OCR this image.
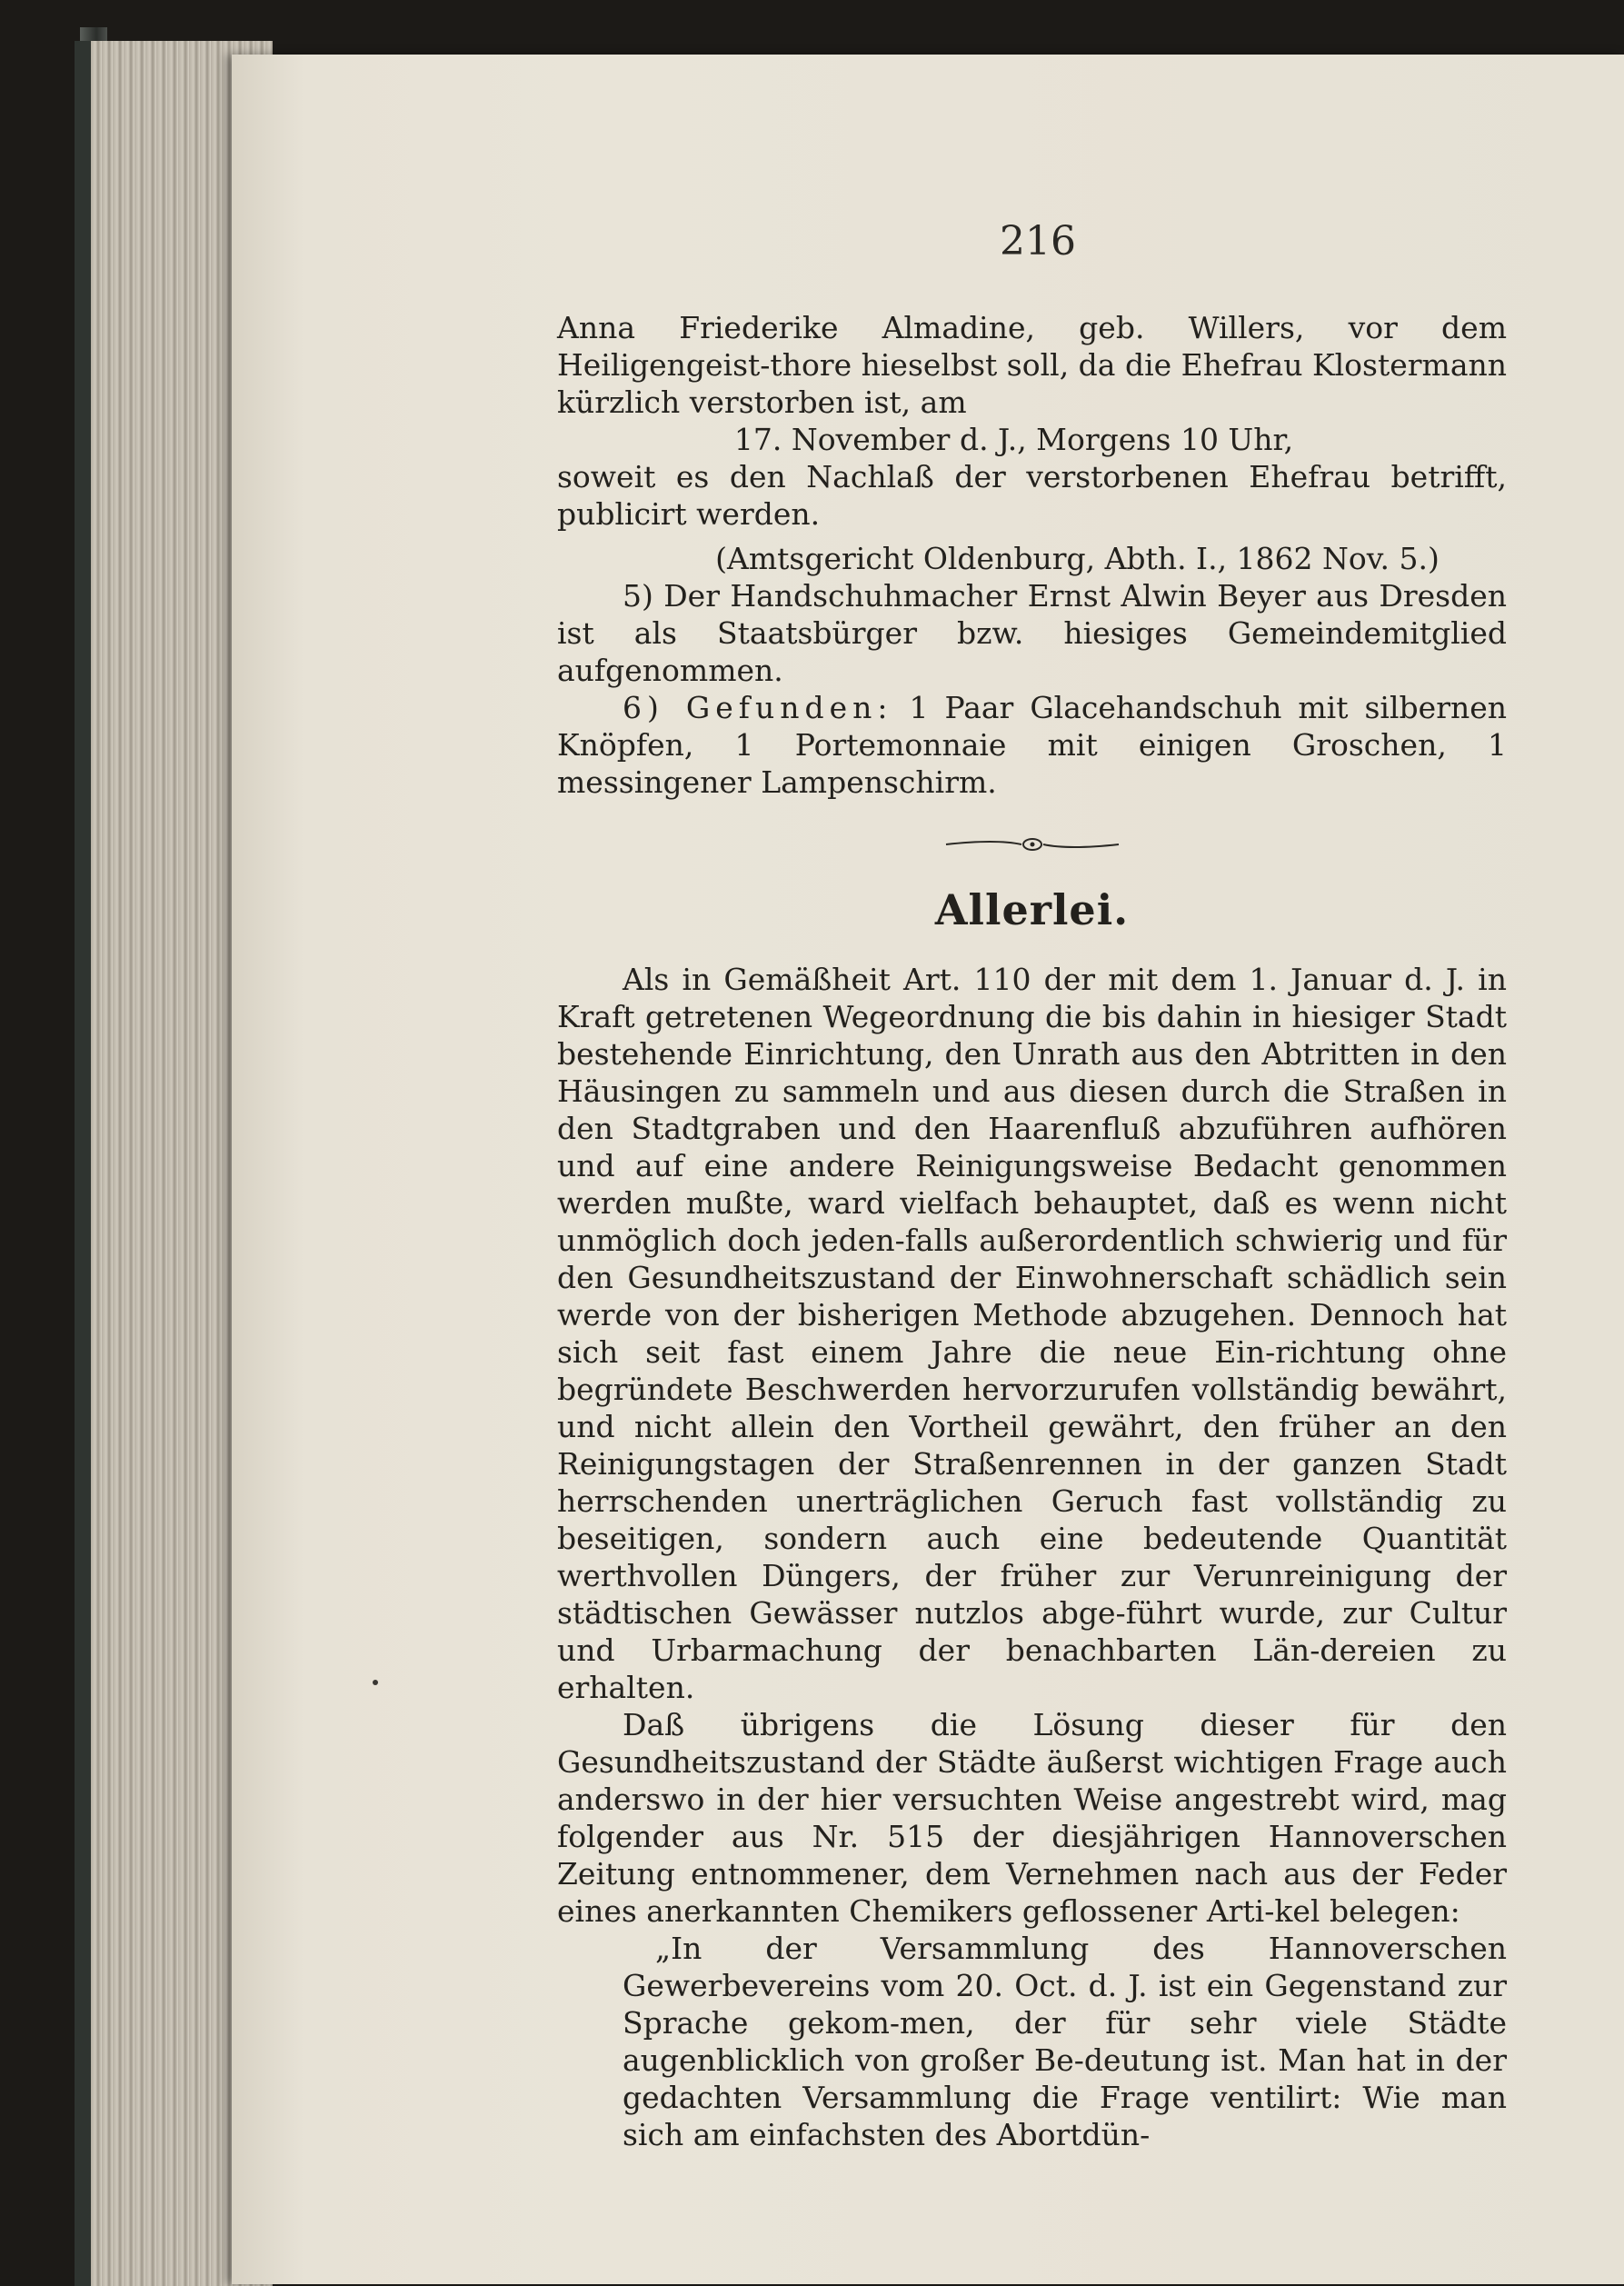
216

Anna Friederike Almadine, geb. Willers, vor dem Heiligengeist-thore hieselbst soll, da die Ehefrau Klostermann kürzlich verstorben ist, am

17. November d. J., Morgens 10 Uhr,

soweit es den Nachlaß der verstorbenen Ehefrau betrifft, publicirt werden.

(Amtsgericht Oldenburg, Abth. I., 1862 Nov. 5.)

5) Der Handschuhmacher Ernst Alwin Beyer aus Dresden ist als Staatsbürger bzw. hiesiges Gemeindemitglied aufgenommen.

6) Gefunden: 1 Paar Glacehandschuh mit silbernen Knöpfen, 1 Portemonnaie mit einigen Groschen, 1 messingener Lampenschirm.

Allerlei.

Als in Gemäßheit Art. 110 der mit dem 1. Januar d. J. in Kraft getretenen Wegeordnung die bis dahin in hiesiger Stadt bestehende Einrichtung, den Unrath aus den Abtritten in den Häusingen zu sammeln und aus diesen durch die Straßen in den Stadtgraben und den Haarenfluß abzuführen aufhören und auf eine andere Reinigungsweise Bedacht genommen werden mußte, ward vielfach behauptet, daß es wenn nicht unmöglich doch jeden-falls außerordentlich schwierig und für den Gesundheitszustand der Einwohnerschaft schädlich sein werde von der bisherigen Methode abzugehen. Dennoch hat sich seit fast einem Jahre die neue Ein-richtung ohne begründete Beschwerden hervorzurufen vollständig bewährt, und nicht allein den Vortheil gewährt, den früher an den Reinigungstagen der Straßenrennen in der ganzen Stadt herrschenden unerträglichen Geruch fast vollständig zu beseitigen, sondern auch eine bedeutende Quantität werthvollen Düngers, der früher zur Verunreinigung der städtischen Gewässer nutzlos abge-führt wurde, zur Cultur und Urbarmachung der benachbarten Län-dereien zu erhalten.

Daß übrigens die Lösung dieser für den Gesundheitszustand der Städte äußerst wichtigen Frage auch anderswo in der hier versuchten Weise angestrebt wird, mag folgender aus Nr. 515 der diesjährigen Hannoverschen Zeitung entnommener, dem Vernehmen nach aus der Feder eines anerkannten Chemikers geflossener Arti-kel belegen:

„In der Versammlung des Hannoverschen Gewerbevereins vom 20. Oct. d. J. ist ein Gegenstand zur Sprache gekom-men, der für sehr viele Städte augenblicklich von großer Be-deutung ist. Man hat in der gedachten Versammlung die Frage ventilirt: Wie man sich am einfachsten des Abortdün-
